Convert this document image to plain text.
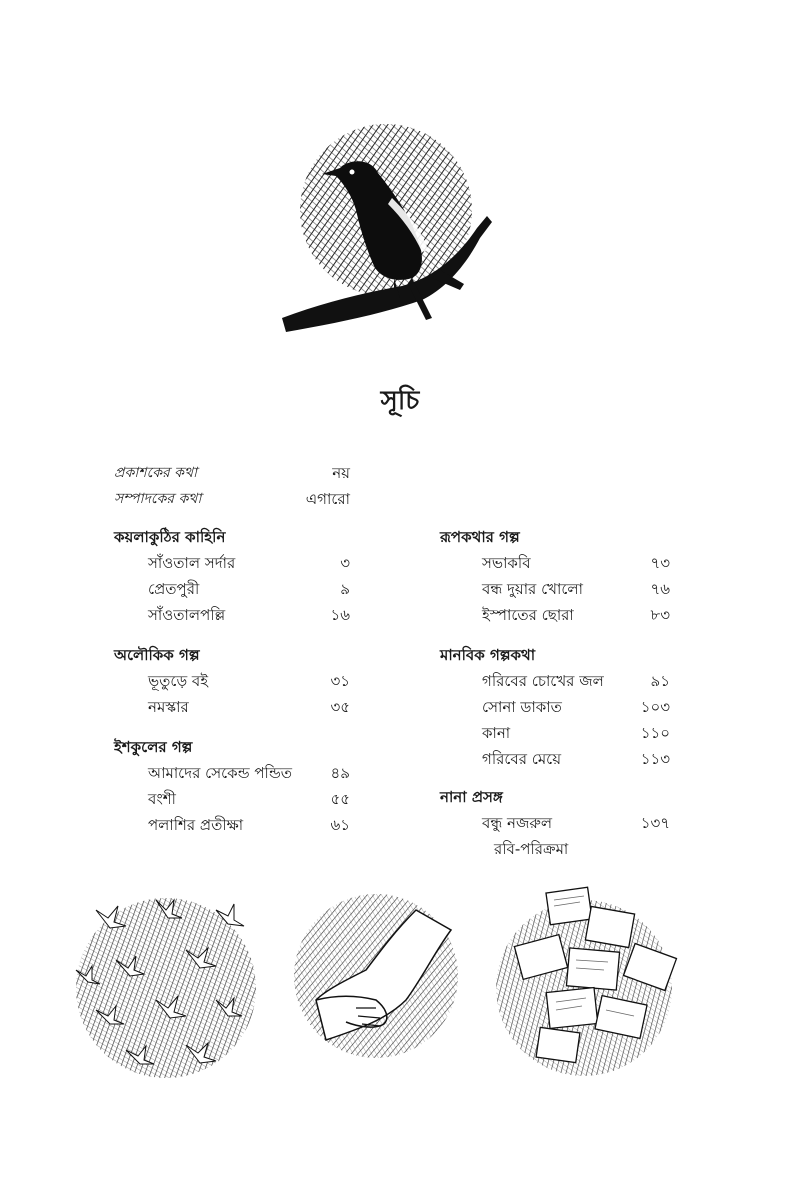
সূচি
প্রকাশকের কথা	নয়
সম্পাদকের কথা	এগারো
কয়লাকুঠির কাহিনি
সাঁওতাল সর্দার	৩
প্রেতপুরী	৯
সাঁওতালপল্লি	১৬
অলৌকিক গল্প
ভূতুড়ে বই	৩১
নমস্কার	৩৫
ইশকুলের গল্প
আমাদের সেকেন্ড পন্ডিত	৪৯
বংশী	৫৫
পলাশির প্রতীক্ষা	৬১
রূপকথার গল্প
সভাকবি	৭৩
বন্ধ দুয়ার খোলো	৭৬
ইস্পাতের ছোরা	৮৩
মানবিক গল্পকথা
গরিবের চোখের জল	৯১
সোনা ডাকাত	১০৩
কানা	১১০
গরিবের মেয়ে	১১৩
নানা প্রসঙ্গ
বন্ধু নজরুল	১৩৭
রবি-পরিক্রমা
